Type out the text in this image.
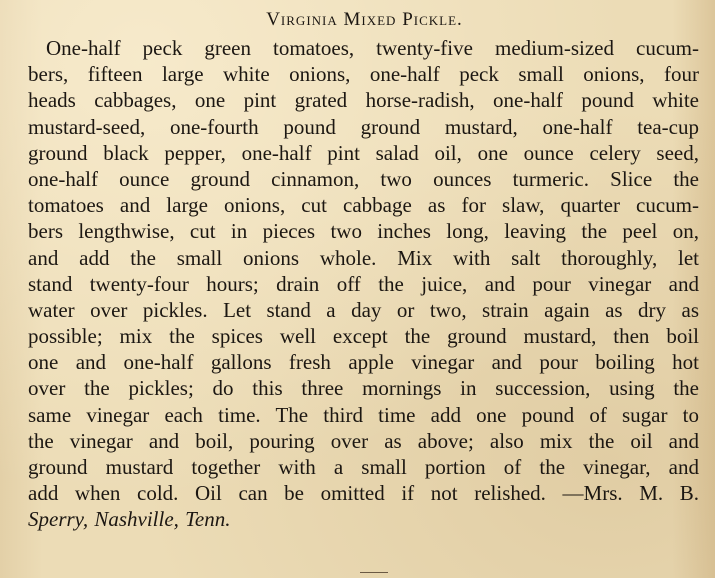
Virginia Mixed Pickle.
One-half peck green tomatoes, twenty-five medium-sized cucum-
bers, fifteen large white onions, one-half peck small onions, four
heads cabbages, one pint grated horse-radish, one-half pound white
mustard-seed, one-fourth pound ground mustard, one-half tea-cup
ground black pepper, one-half pint salad oil, one ounce celery seed,
one-half ounce ground cinnamon, two ounces turmeric. Slice the
tomatoes and large onions, cut cabbage as for slaw, quarter cucum-
bers lengthwise, cut in pieces two inches long, leaving the peel on,
and add the small onions whole. Mix with salt thoroughly, let
stand twenty-four hours; drain off the juice, and pour vinegar and
water over pickles. Let stand a day or two, strain again as dry as
possible; mix the spices well except the ground mustard, then boil
one and one-half gallons fresh apple vinegar and pour boiling hot
over the pickles; do this three mornings in succession, using the
same vinegar each time. The third time add one pound of sugar to
the vinegar and boil, pouring over as above; also mix the oil and
ground mustard together with a small portion of the vinegar, and
add when cold. Oil can be omitted if not relished. —Mrs. M. B.
Sperry, Nashville, Tenn.
